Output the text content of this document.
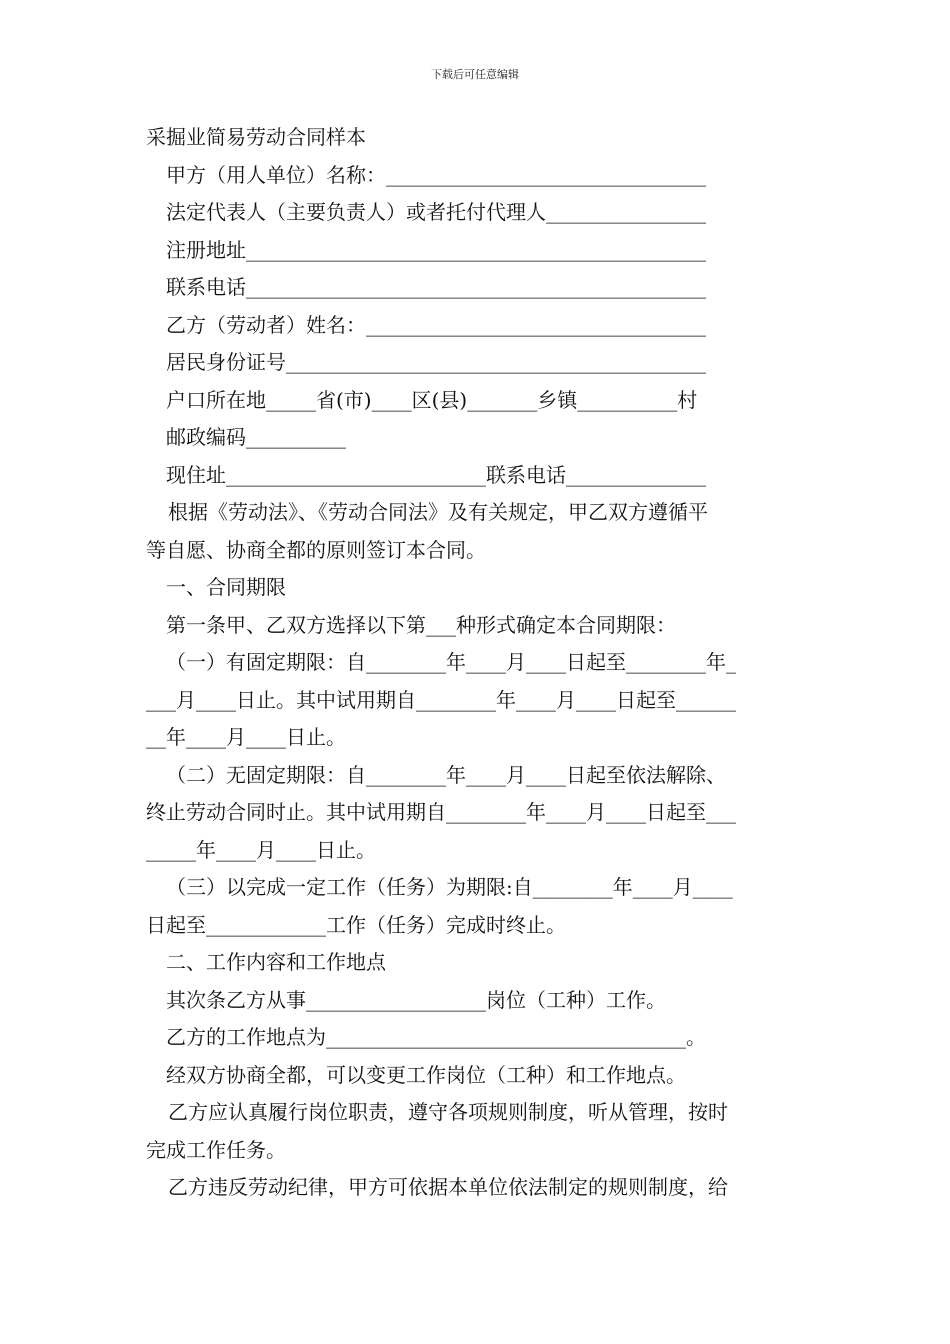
下载后可任意编辑
采掘业简易劳动合同样本
甲方（用人单位）名称：________________________________
法定代表人（主要负责人）或者托付代理人________________
注册地址______________________________________________
联系电话______________________________________________
乙方（劳动者）姓名：__________________________________
居民身份证号__________________________________________
户口所在地_____省(市)____区(县)_______乡镇__________村
邮政编码__________
现住址__________________________联系电话______________
根据《劳动法》、《劳动合同法》及有关规定，甲乙双方遵循平
等自愿、协商全都的原则签订本合同。
一、合同期限
第一条甲、乙双方选择以下第___种形式确定本合同期限：
（一）有固定期限：自________年____月____日起至________年_
___月____日止。其中试用期自________年____月____日起至______
__年____月____日止。
（二）无固定期限：自________年____月____日起至依法解除、
终止劳动合同时止。其中试用期自________年____月____日起至___
_____年____月____日止。
（三）以完成一定工作（任务）为期限:自________年____月____
日起至____________工作（任务）完成时终止。
二、工作内容和工作地点
其次条乙方从事__________________岗位（工种）工作。
乙方的工作地点为____________________________________。
经双方协商全都，可以变更工作岗位（工种）和工作地点。
乙方应认真履行岗位职责，遵守各项规则制度，听从管理，按时
完成工作任务。
乙方违反劳动纪律，甲方可依据本单位依法制定的规则制度，给
